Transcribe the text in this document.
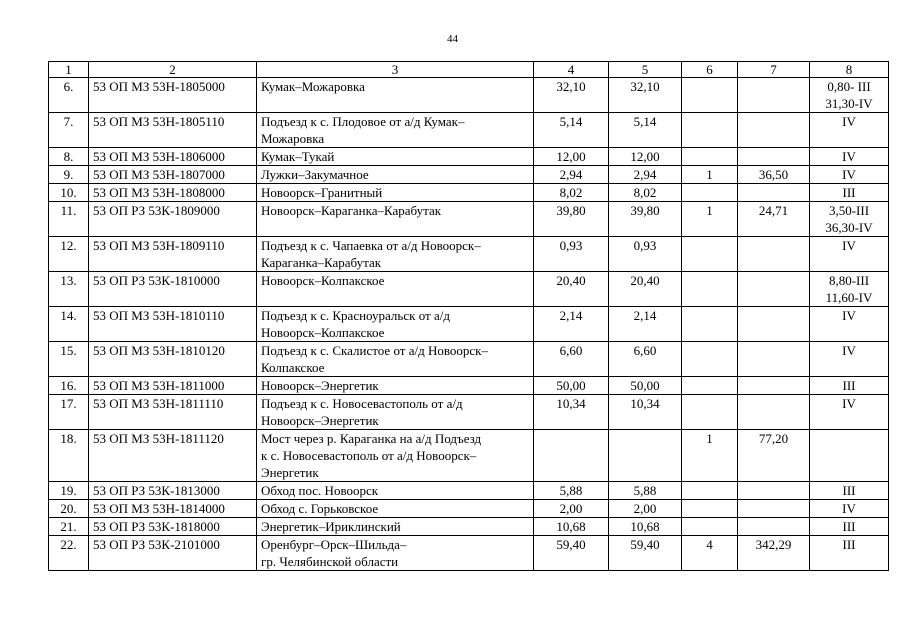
44
1	2	3	4	5	6	7	8
6.	53 ОП МЗ 53Н-1805000	Кумак–Можаровка	32,10	32,10			0,80- III
31,30-IV
7.	53 ОП МЗ 53Н-1805110	Подъезд к с. Плодовое от а/д Кумак–
Можаровка	5,14	5,14			IV
8.	53 ОП МЗ 53Н-1806000	Кумак–Тукай	12,00	12,00			IV
9.	53 ОП МЗ 53Н-1807000	Лужки–Закумачное	2,94	2,94	1	36,50	IV
10.	53 ОП МЗ 53Н-1808000	Новоорск–Гранитный	8,02	8,02			III
11.	53 ОП РЗ 53К-1809000	Новоорск–Караганка–Карабутак	39,80	39,80	1	24,71	3,50-III
36,30-IV
12.	53 ОП МЗ 53Н-1809110	Подъезд к с. Чапаевка от а/д Новоорск–
Караганка–Карабутак	0,93	0,93			IV
13.	53 ОП РЗ 53К-1810000	Новоорск–Колпакское	20,40	20,40			8,80-III
11,60-IV
14.	53 ОП МЗ 53Н-1810110	Подъезд к с. Красноуральск от а/д
Новоорск–Колпакское	2,14	2,14			IV
15.	53 ОП МЗ 53Н-1810120	Подъезд к с. Скалистое от а/д Новоорск–
Колпакское	6,60	6,60			IV
16.	53 ОП МЗ 53Н-1811000	Новоорск–Энергетик	50,00	50,00			III
17.	53 ОП МЗ 53Н-1811110	Подъезд к с. Новосевастополь от а/д
Новоорск–Энергетик	10,34	10,34			IV
18.	53 ОП МЗ 53Н-1811120	Мост через р. Караганка на а/д Подъезд
к с. Новосевастополь от а/д Новоорск–
Энергетик			1	77,20	
19.	53 ОП РЗ 53К-1813000	Обход пос. Новоорск	5,88	5,88			III
20.	53 ОП МЗ 53Н-1814000	Обход с. Горьковское	2,00	2,00			IV
21.	53 ОП РЗ 53К-1818000	Энергетик–Ириклинский	10,68	10,68			III
22.	53 ОП РЗ 53К-2101000	Оренбург–Орск–Шильда–
гр. Челябинской области	59,40	59,40	4	342,29	III
